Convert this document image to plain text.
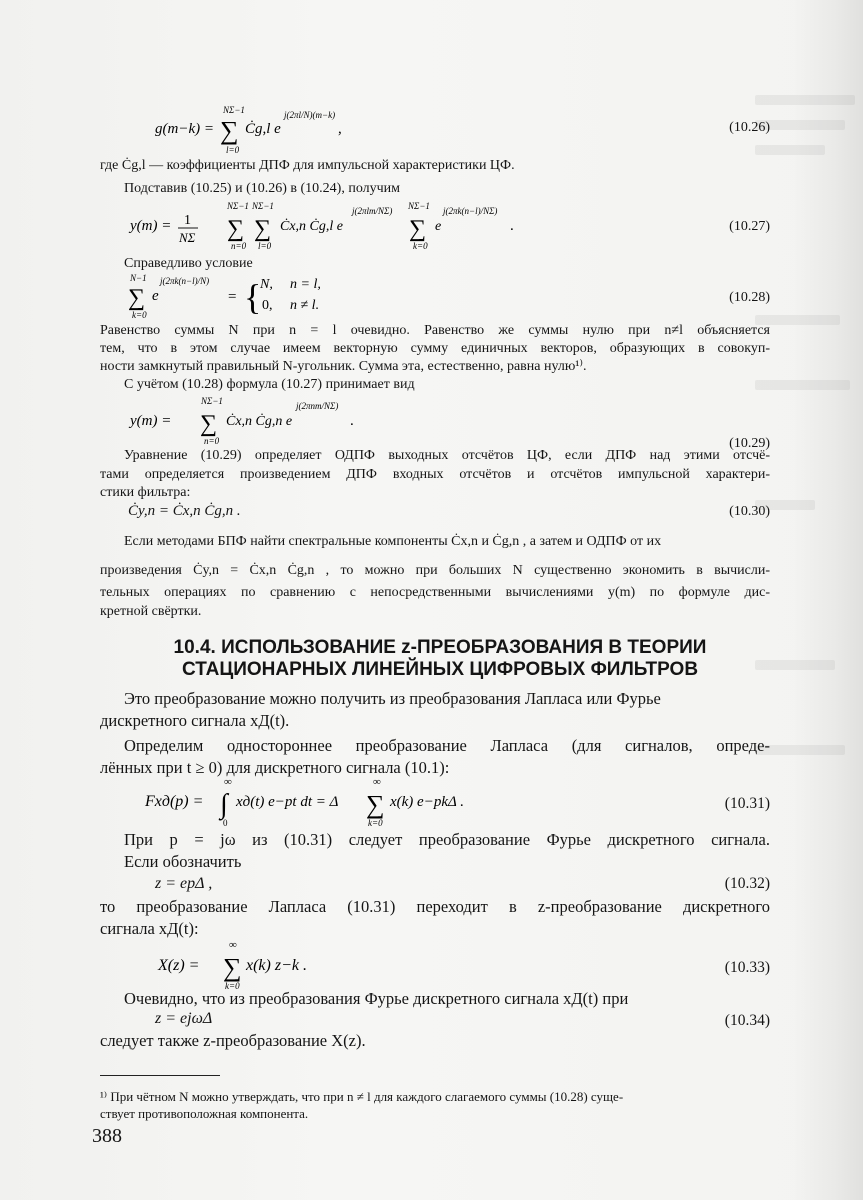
g(m−k) =
NΣ−1
∑
l=0
Ċg,l e
j(2πl/N)(m−k)
,	(10.26)
где Ċg,l — коэффициенты ДПФ для импульсной характеристики ЦФ.
Подставив (10.25) и (10.26) в (10.24), получим
y(m) = 1
NΣ
NΣ−1
∑
n=0
NΣ−1
∑
l=0
Ċx,n Ċg,l e
j(2πlm/NΣ) NΣ−1
∑
k=0
e
j(2πk(n−l)/NΣ)
.	(10.27)
Справедливо условие
N−1
∑
k=0
e
j(2πk(n−l)/N)
= {
N, n = l,
0, n ≠ l.
(10.28)
Равенство суммы N при n = l очевидно. Равенство же суммы нулю при n≠l объясняется
тем, что в этом случае имеем векторную сумму единичных векторов, образующих в совокуп-
ности замкнутый правильный N-угольник. Сумма эта, естественно, равна нулю¹⁾.
С учётом (10.28) формула (10.27) принимает вид
y(m) =
NΣ−1
∑
n=0
Ċx,n Ċg,n e
j(2πnm/NΣ)
.
(10.29)
Уравнение (10.29) определяет ОДПФ выходных отсчётов ЦФ, если ДПФ над этими отсчё-
тами определяется произведением ДПФ входных отсчётов и отсчётов импульсной характери-
стики фильтра:
Ċy,n = Ċx,n Ċg,n .	(10.30)
Если методами БПФ найти спектральные компоненты Ċx,n и Ċg,n , а затем и ОДПФ от их
произведения Ċy,n = Ċx,n Ċg,n , то можно при больших N существенно экономить в вычисли-
тельных операциях по сравнению с непосредственными вычислениями y(m) по формуле дис-
кретной свёртки.
10.4. ИСПОЛЬЗОВАНИЕ z-ПРЕОБРАЗОВАНИЯ В ТЕОРИИ
СТАЦИОНАРНЫХ ЛИНЕЙНЫХ ЦИФРОВЫХ ФИЛЬТРОВ
Это преобразование можно получить из преобразования Лапласа или Фурье
дискретного сигнала xД(t).
Определим одностороннее преобразование Лапласа (для сигналов, опреде-
лённых при t ≥ 0) для дискретного сигнала (10.1):
Fxд(p) =
∞
∫
0
xд(t) e−pt dt = Δ
∞
∑
k=0
x(k) e−pkΔ .	(10.31)
При p = jω из (10.31) следует преобразование Фурье дискретного сигнала.
Если обозначить
z = epΔ ,	(10.32)
то преобразование Лапласа (10.31) переходит в z-преобразование дискретного
сигнала xД(t):
X(z) =
∞
∑
k=0
x(k) z−k .	(10.33)
Очевидно, что из преобразования Фурье дискретного сигнала xД(t) при
z = ejωΔ	(10.34)
следует также z-преобразование X(z).
¹⁾ При чётном N можно утверждать, что при n ≠ l для каждого слагаемого суммы (10.28) суще-
ствует противоположная компонента.
388
